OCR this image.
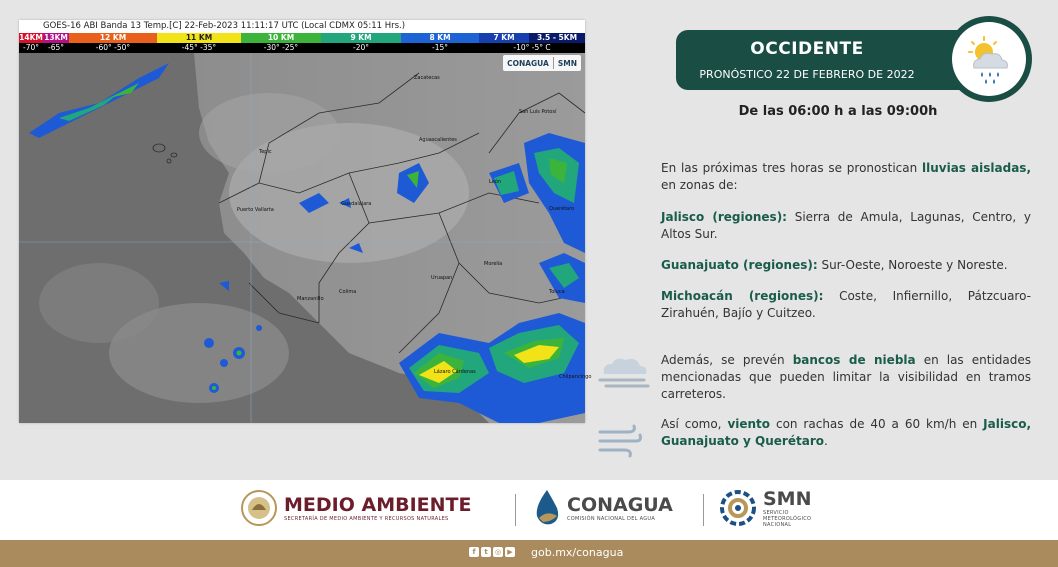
GOES-16 ABI Banda 13 Temp.[C] 22-Feb-2023 11:11:17 UTC (Local CDMX 05:11 Hrs.)
14KM 13KM	12 KM	11 KM	10 KM	9 KM	8 KM	7 KM	3.5 - 5KM
-70°	-65°	-60° -50°	-45° -35°	-30° -25°	-20°	-15°	-10° -5° C
Zacatecas
San Luis Potosí
Aguascalientes
Tepic
Guadalajara
Puerto Vallarta
León
Querétaro
Manzanillo
Colima
Uruapan
Morelia
Toluca
Lázaro Cárdenas
Chilpancingo
CONAGUA SMN
OCCIDENTE
PRONÓSTICO 22 DE FEBRERO DE 2022
De las 06:00 h a las 09:00h
En las próximas tres horas se pronostican lluvias aisladas, en zonas de:
Jalisco (regiones): Sierra de Amula, Lagunas, Centro, y Altos Sur.
Guanajuato (regiones): Sur-Oeste, Noroeste y Noreste.
Michoacán (regiones): Coste, Infiernillo, Pátzcuaro-Zirahuén, Bajío y Cuitzeo.
Además, se prevén bancos de niebla en las entidades mencionadas que pueden limitar la visibilidad en tramos carreteros.
Así como, viento con rachas de 40 a 60 km/h en Jalisco, Guanajuato y Querétaro.
MEDIO AMBIENTE
SECRETARÍA DE MEDIO AMBIENTE Y RECURSOS NATURALES
CONAGUA
COMISIÓN NACIONAL DEL AGUA
SMN
SERVICIO
METEOROLÓGICO
NACIONAL
f	t	◎ ▶ gob.mx/conagua
